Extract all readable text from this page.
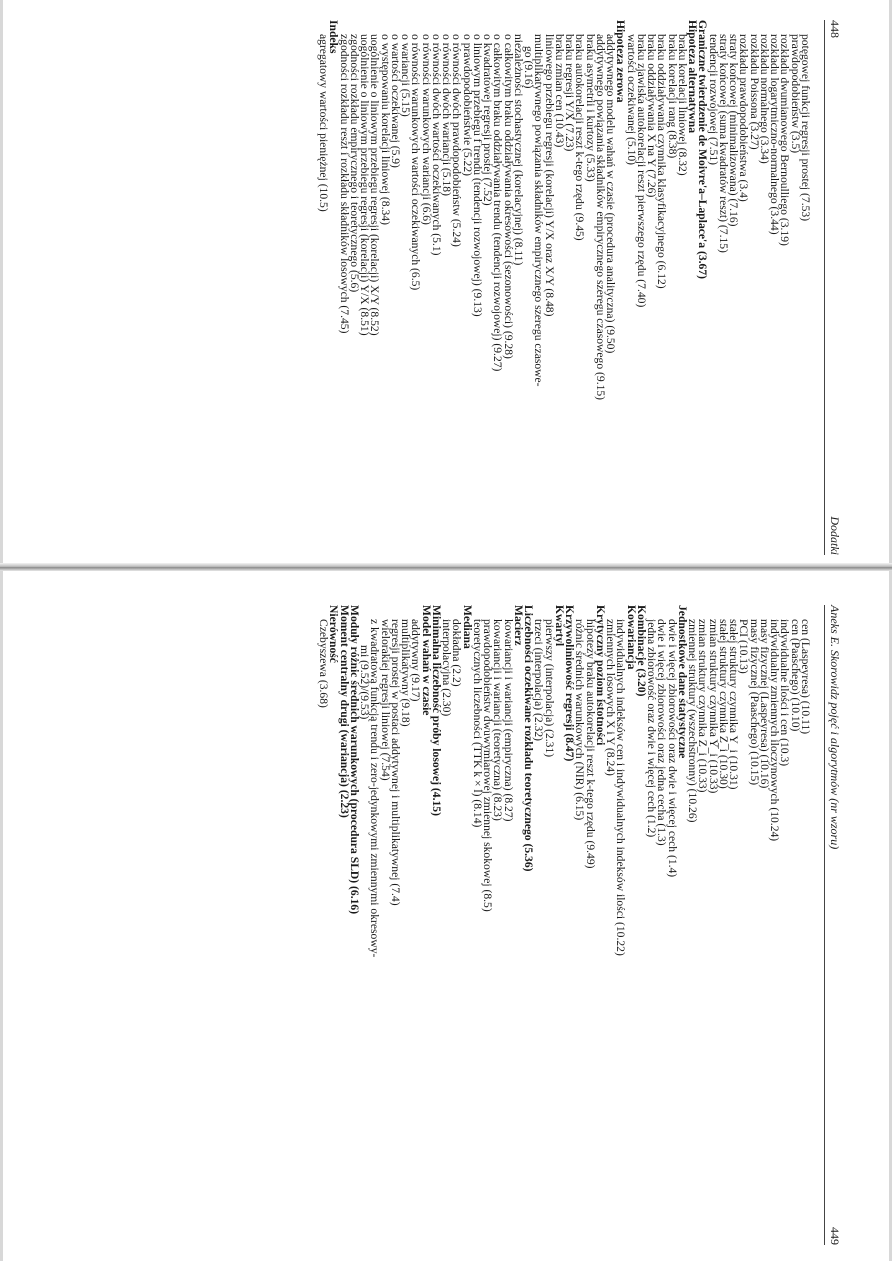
448
Dodatki
potęgowej funkcji regresji prostej (7.53)
prawdopodobieństw (3.5)
rozkładu dwumianowego Bernoulliego (3.19)
rozkładu logarytmiczno-normalnego (3.44)
rozkładu normalnego (3.34)
rozkładu Poissona (3.27)
rozkładu prawdopodobieństwa (3.4)
straty końcowej (minimalizowana) (7.16)
straty końcowej (suma kwadratów reszt) (7.15)
tendencji rozwojowej (7.51)
Graniczne twierdzenie de Moivre'a–Laplace'a (3.67)
Hipoteza alternatywna
braku korelacji liniowej (8.32)
braku korelacji rang (8.38)
braku oddziaływania czynnika klasyfikacyjnego (6.12)
braku oddziaływania X na Y (7.26)
braku zjawiska autokorelacji reszt pierwszego rzędu (7.40)
wartości oczekiwanej (5.10)
Hipoteza zerowa
addytywnego modelu wahań w czasie (procedura analityczna) (9.50)
addytywnego powiązania składników empirycznego szeregu czasowego (9.15)
braku asymetrii i kurtozy (5.33)
braku autokorelacji reszt k-tego rzędu (9.45)
braku regresji Y/X (7.23)
braku zmian cen (10.43)
liniowego przebiegu regresji (korelacji) Y/X oraz X/Y (8.48)
multiplikatywnego powiązania składników empirycznego szeregu czasowe-
go (9.16)
niezależności stochastycznej (korelacyjnej) (8.11)
o całkowitym braku oddziaływania okresowości (sezonowości) (9.28)
o całkowitym braku oddziaływania trendu (tendencji rozwojowej) (9.27)
o kwadratowej regresji prostej (7.52)
o liniowym przebiegu f trendu (tendencji rozwojowej) (9.13)
o prawdopodobieństwie (5.22)
o równości dwóch prawdopodobieństw (5.24)
o równości dwóch wariancji (5.18)
o równości dwóch wartości oczekiwanych (5.1)
o równości warunkowych wariancji (6.6)
o równości warunkowych wartości oczekiwanych (6.5)
o wariancji (5.15)
o wartości oczekiwanej (5.9)
o występowaniu korelacji liniowej (8.34)
uogólnienie o liniowym przebiegu regresji (korelacji) X/Y (8.52)
uogólnienie o liniowym przebiegu regresji (korelacji) Y/X (8.51)
zgodności rozkładu empirycznego i teoretycznego (5.6)
zgodności rozkładu reszt i rozkładu składników losowych (7.45)
Indeks
agregatowy wartości pieniężnej (10.5)
Aneks E. Skorowidz pojęć i algorytmów (nr wzoru)
449
cen (Laspeyresa) (10.11)
cen (Paaschego) (10.10)
indywidualne ilości i cen (10.3)
indywidualny zmiennych iloczynowych (10.24)
masy fizycznej (Laspeyresa) (10.16)
masy fizycznej (Paaschego) (10.15)
PCI (10.13)
stałej struktury czynnika Y_i (10.31)
stałej struktury czynnika Z_i (10.30)
zmian struktury czynnika Y_i (10.33)
zmian struktury czynnika Z_i (10.33)
zmiennej struktury (wszechstronny) (10.26)
Jednostkowe dane statystyczne
dwie i więcej zbiorowości oraz dwie i więcej cech (1.4)
dwie i więcej zbiorowości oraz jedna cecha (1.3)
jedna zbiorowość oraz dwie i więcej cech (1.2)
Kombinacje (3.20)
Kowariancja
indywidualnych indeksów cen i indywidualnych indeksów ilości (10.22)
zmiennych losowych X i Y (8.24)
Krytyczny poziom istotności
hipotezy braku autokorelacji reszt k-tego rzędu (9.49)
różnic średnich warunkowych (NIR) (6.15)
Krzywoliniowość regresji (8.47)
Kwartyl
pierwszy (interpolacja) (2.31)
trzeci (interpolacja) (2.32)
Liczebności oczekiwane rozkładu teoretycznego (5.36)
Macierz
kowariancji i wariancji (empiryczna) (8.27)
kowariancji i wariancji (teoretyczna) (8.23)
prawdopodobieństw dwuwymiarowej zmiennej skokowej (8.5)
teoretycznych liczebności (TTK k × l) (8.14)
Mediana
dokładna (2.2)
interpolacyjna (2.30)
Minimalna liczebność próby losowej (4.15)
Model wahań w czasie
addytywny (9.17)
multiplikatywny (9.18)
regresji prostej w postaci addytywnej i multiplikatywnej (7.4)
wielorakiej regresji liniowej (7.54)
z kwadratową funkcją trendu i zero-jedynkowymi zmiennymi okresowy-
mi (9.52)/(9.53)
Moduły różnic średnich warunkowych (procedura SLD) (6.16)
Moment centralny drugi (wariancja) (2.23)
Nierówność
Czebyszewa (3.68)
